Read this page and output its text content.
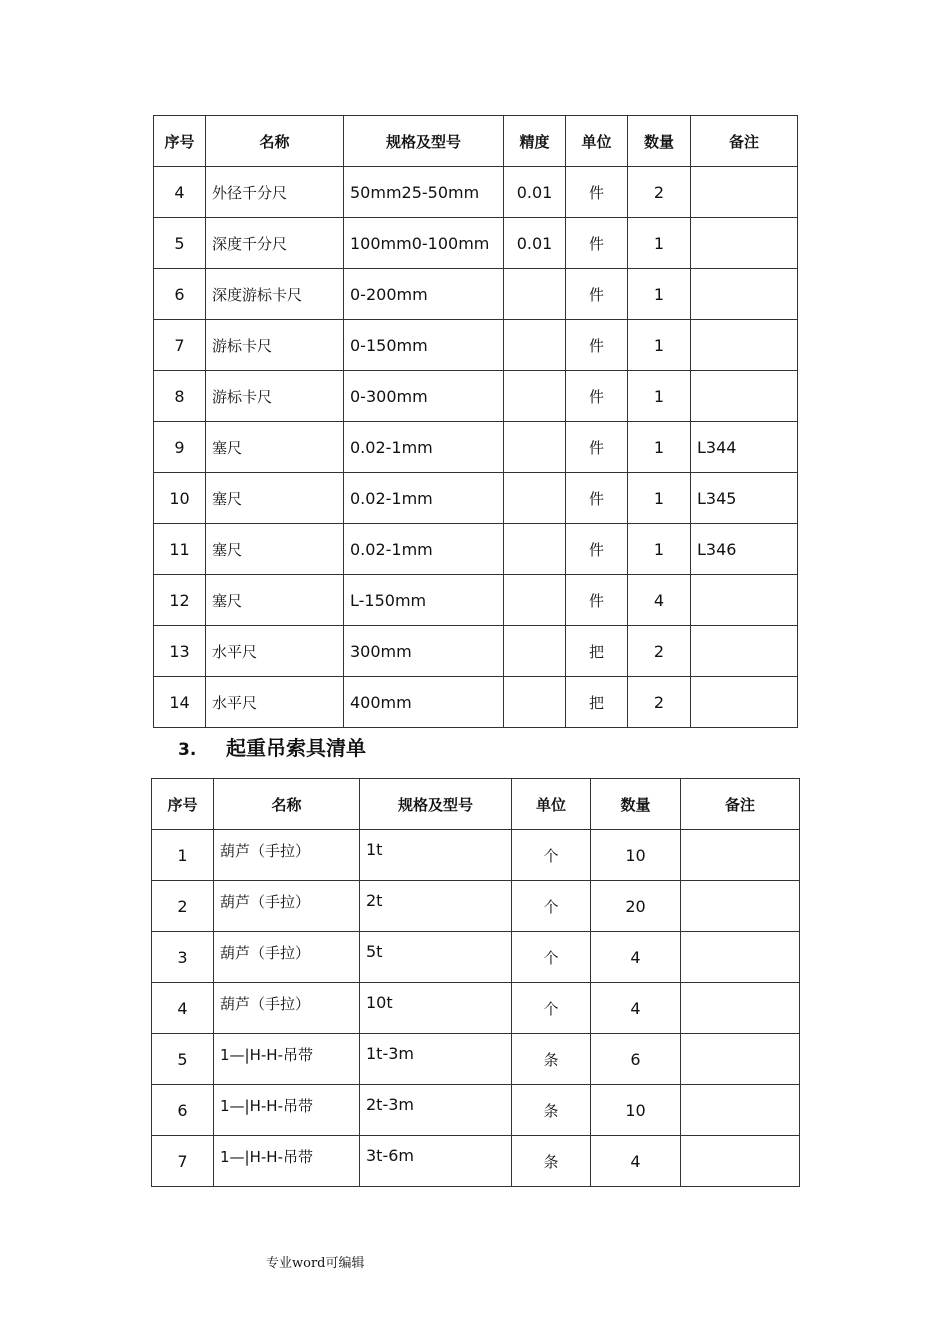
序号	名称	规格及型号	精度	单位	数量	备注
4	外径千分尺	50mm25-50mm	0.01	件	2	
5	深度千分尺	100mm0-100mm	0.01	件	1	
6	深度游标卡尺	0-200mm		件	1	
7	游标卡尺	0-150mm		件	1	
8	游标卡尺	0-300mm		件	1	
9	塞尺	0.02-1mm		件	1	L344
10	塞尺	0.02-1mm		件	1	L345
11	塞尺	0.02-1mm		件	1	L346
12	塞尺	L-150mm		件	4	
13	水平尺	300mm		把	2	
14	水平尺	400mm		把	2	
3. 起重吊索具清单
序号	名称	规格及型号	单位	数量	备注
1	葫芦（手拉）	1t	个	10	
2	葫芦（手拉）	2t	个	20	
3	葫芦（手拉）	5t	个	4	
4	葫芦（手拉）	10t	个	4	
5	1—|H-H-吊带	1t-3m	条	6	
6	1—|H-H-吊带	2t-3m	条	10	
7	1—|H-H-吊带	3t-6m	条	4	
专业word可编辑
